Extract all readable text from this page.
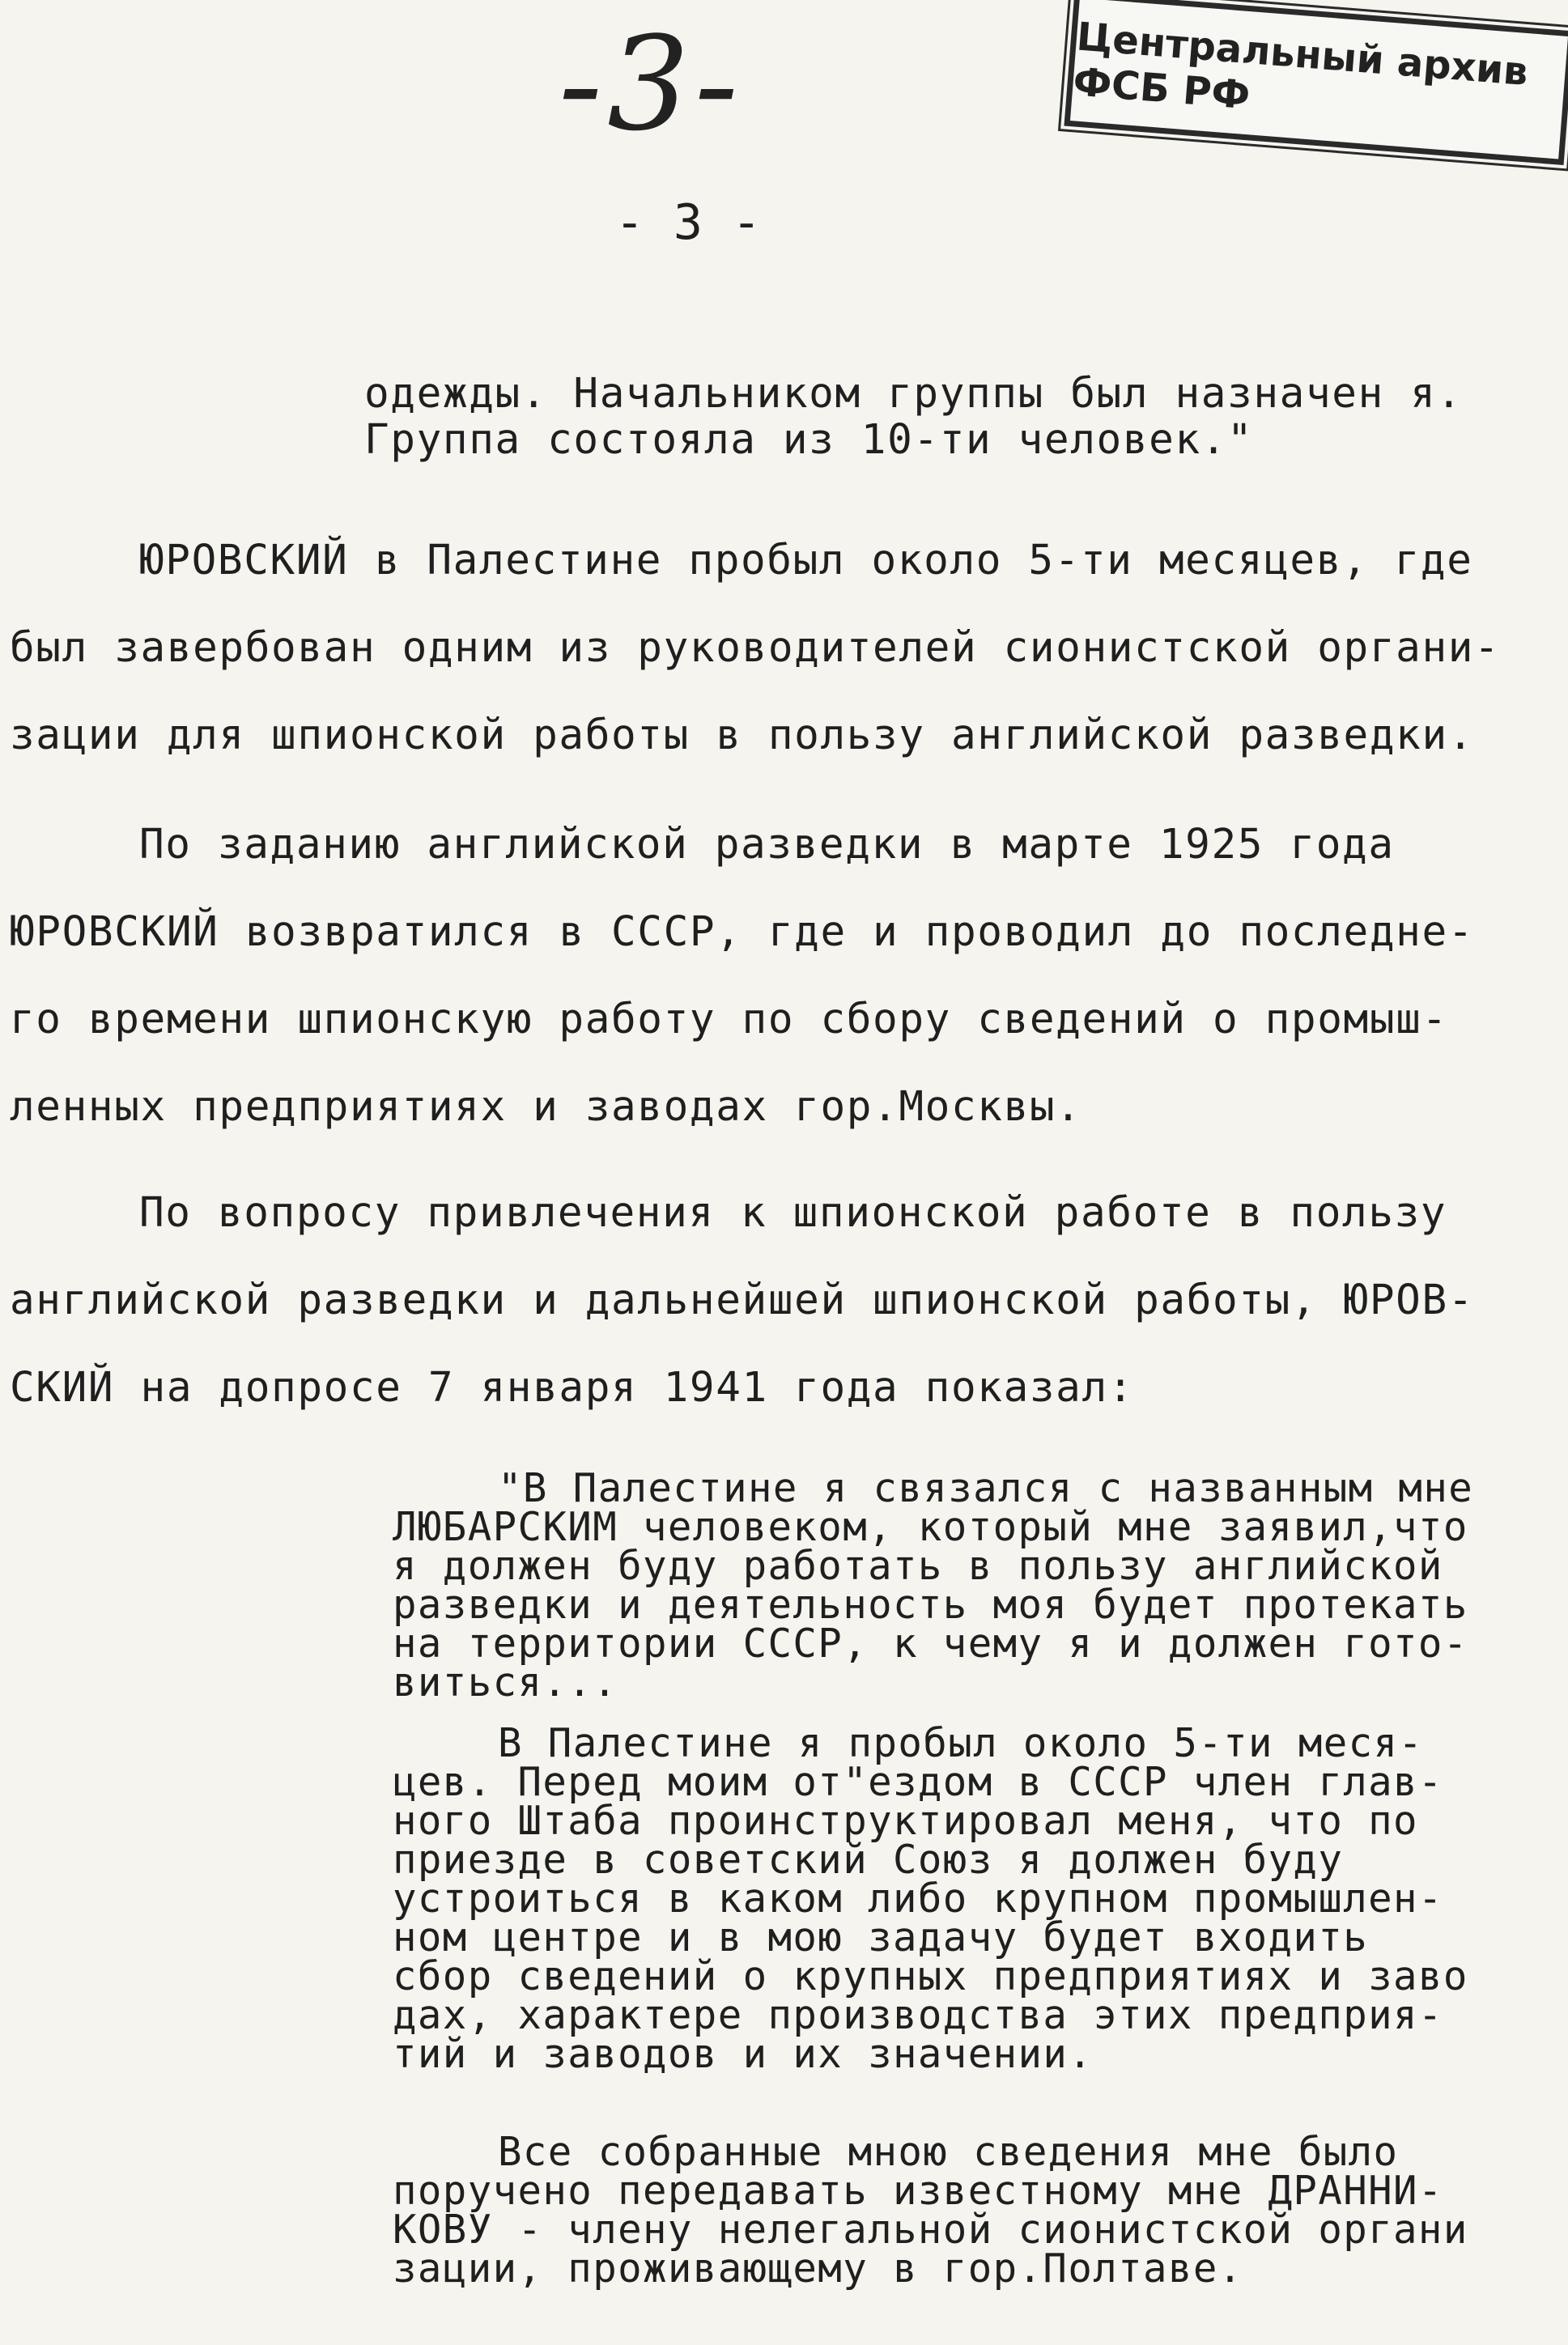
-3-	Центральный архив ФСБ РФ
- 3 -
одежды. Начальником группы был назначен я.
Группа состояла из 10-ти человек."
ЮРОВСКИЙ в Палестине пробыл около 5-ти месяцев, где
был завербован одним из руководителей сионистской органи-
зации для шпионской работы в пользу английской разведки.
По заданию английской разведки в марте 1925 года
ЮРОВСКИЙ возвратился в СССР, где и проводил до последне-
го времени шпионскую работу по сбору сведений о промыш-
ленных предприятиях и заводах гор.Москвы.
По вопросу привлечения к шпионской работе в пользу
английской разведки и дальнейшей шпионской работы, ЮРОВ-
СКИЙ на допросе 7 января 1941 года показал:
"В Палестине я связался с названным мне
ЛЮБАРСКИМ человеком, который мне заявил,что
я должен буду работать в пользу английской
разведки и деятельность моя будет протекать
на территории СССР, к чему я и должен гото-
виться...
В Палестине я пробыл около 5-ти меся-
цев. Перед моим от"ездом в СССР член глав-
ного Штаба проинструктировал меня, что по
приезде в советский Союз я должен буду
устроиться в каком либо крупном промышлен-
ном центре и в мою задачу будет входить
сбор сведений о крупных предприятиях и заво
дах, характере производства этих предприя-
тий и заводов и их значении.
Все собранные мною сведения мне было
поручено передавать известному мне ДРАННИ-
КОВУ - члену нелегальной сионистской органи
зации, проживающему в гор.Полтаве.
